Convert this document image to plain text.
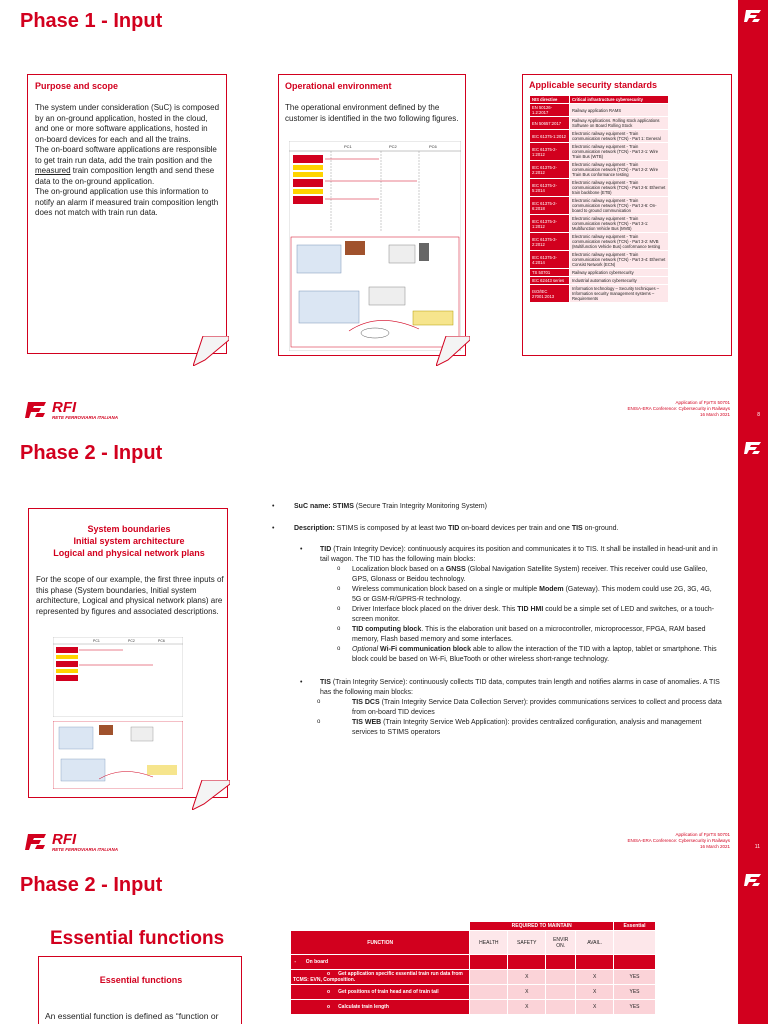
Phase 1 - Input
Purpose and scope

The system under consideration (SuC) is composed by an on-ground application, hosted in the cloud, and one or more software applications, hosted in on-board devices for each and all the trains.

The on-board software applications are responsible to get train run data, add the train position and the measured train composition length and send these data to the on-ground application.

The on-ground application use this information to notify an alarm if measured train composition length does not match with train run data.

Operational environment
The operational environment defined by the customer is identified in the two following figures.
PC1	PC2	PC6
Applicable security standards
NIS directive	Critical infrastructure cybersecurity
EN 50126-1.2:2017	Railway application RAMS
EN 50657:2017	Railway Applications. Rolling stock applications Software on Board Rolling Stock
IEC 61375-1:2012	Electronic railway equipment - Train communication network (TCN) - Part 1: General
IEC 61375-2-1:2012	Electronic railway equipment - Train communication network (TCN) - Part 2-1: Wire Train Bus (WTB)
IEC 61375-2-2:2012	Electronic railway equipment - Train communication network (TCN) - Part 2-2: Wire Train Bus conformance testing
IEC 61375-2-5:2014	Electronic railway equipment - Train communication network (TCN) - Part 2-5: Ethernet train backbone (ETB)
IEC 61375-2-6:2018	Electronic railway equipment - Train communication network (TCN) - Part 2-6: On-board to ground communication
IEC 61375-3-1:2012	Electronic railway equipment - Train communication network (TCN) - Part 3-1: Multifunction Vehicle Bus (MVB)
IEC 61375-3-2:2012	Electronic railway equipment - Train communication network (TCN) - Part 3-2: MVB (Multifunction Vehicle Bus) conformance testing
IEC 61375-3-4:2014	Electronic railway equipment - Train communication network (TCN) - Part 3-4: Ethernet Consist Network (ECN)
TS 50701	Railway application cybersecurity
IEC 62443 series	Industrial automation cybersecurity
ISO/IEC 27001:2013	Information technology – Security techniques – Information security management systems – Requirements
RFI
RETE FERROVIARIA ITALIANA
Application of FprTS 50701
ENISA-ERA Conference: Cybersecurity in Railways
16 March 2021	8
Phase 2 - Input
System boundaries
Initial system architecture
Logical and physical network plans
For the scope of our example, the first three inputs of this phase (System boundaries, Initial system architecture, Logical and physical network plans) are represented by figures and associated descriptions.
PC1	PC2	PC6
• SuC name: STIMS (Secure Train Integrity Monitoring System)
• Description: STIMS is composed by at least two TID on-board devices per train and one TIS on-ground.
• TID (Train Integrity Device): continuously acquires its position and communicates it to TIS. It shall be installed in head-unit and in tail wagon. The TID has the following main blocks:
o Localization block based on a GNSS (Global Navigation Satellite System) receiver. This receiver could use Galileo, GPS, Glonass or Beidou technology.
o Wireless communication block based on a single or multiple Modem (Gateway). This modem could use 2G, 3G, 4G, 5G or GSM-R/GPRS-R technology.
o Driver Interface block placed on the driver desk. This TID HMI could be a simple set of LED and switches, or a touch-screen monitor.
o TID computing block. This is the elaboration unit based on a microcontroller, microprocessor, FPGA, RAM based memory, Flash based memory and some interfaces.
o Optional Wi-Fi communication block able to allow the interaction of the TID with a laptop, tablet or smartphone. This block could be based on Wi-Fi, BlueTooth or other wireless short-range technology.
• TIS (Train Integrity Service): continuously collects TID data, computes train length and notifies alarms in case of anomalies. A TIS has the following main blocks:
o TIS DCS (Train Integrity Service Data Collection Server): provides communications services to collect and process data from on-board TID devices
o TIS WEB (Train Integrity Service Web Application): provides centralized configuration, analysis and management services to STIMS operators
RFI
RETE FERROVIARIA ITALIANA
Application of FprTS 50701
ENISA-ERA Conference: Cybersecurity in Railways
16 March 2021	11
Phase 2 - Input
Essential functions
Essential functions
An essential function is defined as “function or
	REQUIRED TO MAINTAIN				Essential
FUNCTION	HEALTH	SAFETY	ENVIR ON.	AVAIL.	
-       On board					
o Get application specific essential train run data from TCMS: EVN, Composition.		X		X	YES
o Get positions of train head and of train tail		X		X	YES
o Calculate train length		X		X	YES
